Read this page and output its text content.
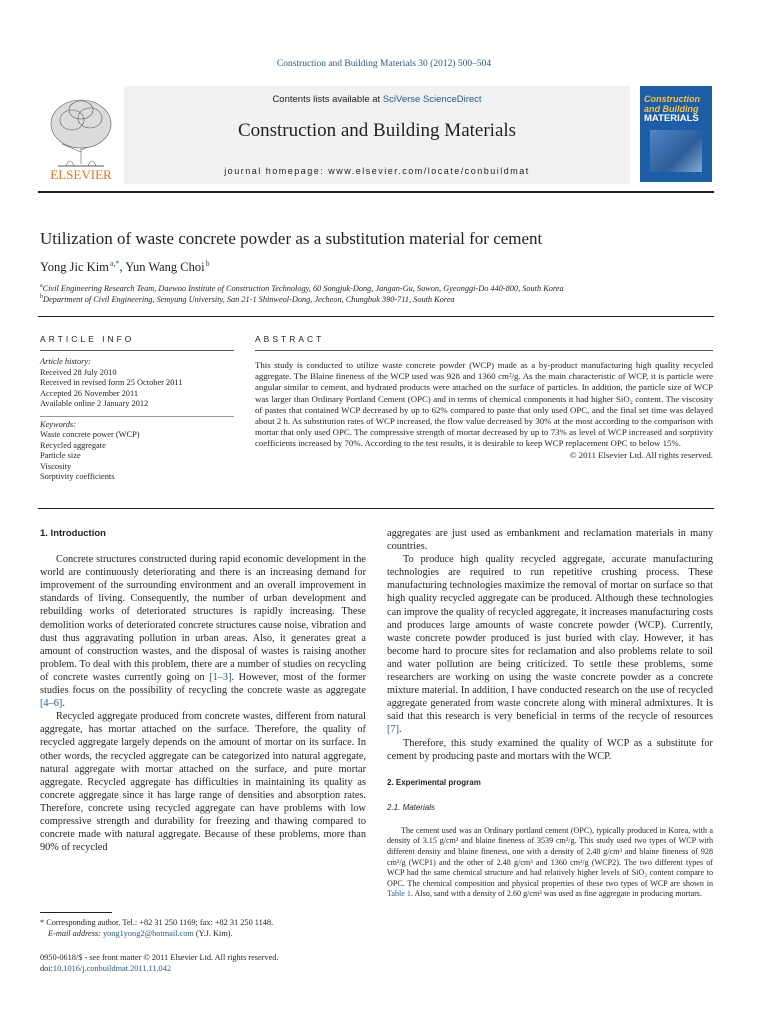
Construction and Building Materials 30 (2012) 500–504
ELSEVIER
Contents lists available at SciVerse ScienceDirect
Construction and Building Materials
journal homepage: www.elsevier.com/locate/conbuildmat
Construction
and Building
MATERIALS
Utilization of waste concrete powder as a substitution material for cement
Yong Jic Kim $^{a,*}$, Yun Wang Choi $^b$
$^a$Civil Engineering Research Team, Daewoo Institute of Construction Technology, 60 Songjuk-Dong, Jangan-Gu, Suwon, Gyeonggi-Do 440-800, South Korea
$^b$Department of Civil Engineering, Semyung University, San 21-1 Shinweol-Dong, Jecheon, Chungbuk 390-711, South Korea
ARTICLE INFO
Article history:
Received 28 July 2010
Received in revised form 25 October 2011
Accepted 26 November 2011
Available online 2 January 2012
Keywords:
Waste concrete power (WCP)
Recycled aggregate
Particle size
Viscosity
Sorptivity coefficients
ABSTRACT
This study is conducted to utilize waste concrete powder (WCP) made as a by-product manufacturing high quality recycled aggregate. The Blaine fineness of the WCP used was 928 and 1360 cm²/g. As the main characteristic of WCP, it is particle were angular similar to cement, and hydrated products were attached on the surface of particles. In addition, the particle size of WCP was larger than Ordinary Portland Cement (OPC) and in terms of chemical components it had higher SiO₂ content. The viscosity of pastes that contained WCP decreased by up to 62% compared to paste that only used OPC, and the final set time was delayed about 2 h. As substitution rates of WCP increased, the flow value decreased by 30% at the most according to the comparison with mortar that only used OPC. The compressive strength of mortar decreased by up to 73% as level of WCP increased and sorptivity coefficients increased by 70%. According to the test results, it is desirable to keep WCP replacement OPC to below 15%.
© 2011 Elsevier Ltd. All rights reserved.
1. Introduction

Concrete structures constructed during rapid economic development in the world are continuously deteriorating and there is an increasing demand for improvement of the surrounding environment and an overall improvement in standards of living. Consequently, the number of urban development and rebuilding works of deteriorated structures is rapidly increasing. These demolition works of deteriorated concrete structures cause noise, vibration and dust thus aggravating pollution in urban areas. Also, it generates great a amount of construction wastes, and the disposal of wastes is raising another problem. To deal with this problem, there are a number of studies on recycling of concrete wastes currently going on [1–3]. However, most of the former studies focus on the possibility of recycling the concrete waste as aggregate [4–6].

Recycled aggregate produced from concrete wastes, different from natural aggregate, has mortar attached on the surface. Therefore, the quality of recycled aggregate largely depends on the amount of mortar on its surface. In other words, the recycled aggregate can be categorized into natural aggregate, natural aggregate with mortar attached on the surface, and pure mortar aggregate. Recycled aggregate has difficulties in maintaining its quality as concrete aggregate since it has large range of densities and absorption rates. Therefore, concrete using recycled aggregate can have problems with low compressive strength and durability for freezing and thawing compared to concrete made with natural aggregate. Because of these problems, more than 90% of recycled

aggregates are just used as embankment and reclamation materials in many countries.

To produce high quality recycled aggregate, accurate manufacturing technologies are required to run repetitive crushing process. These manufacturing technologies maximize the removal of mortar on surface so that high quality recycled aggregate can be produced. Although these technologies can improve the quality of recycled aggregate, it increases manufacturing costs and produces large amounts of waste concrete powder (WCP). Currently, waste concrete powder produced is just buried with clay. However, it has become hard to procure sites for reclamation and also problems relate to soil and water pollution are being criticized. To settle these problems, some researchers are working on using the waste concrete powder as a concrete mixture material. In addition, I have conducted research on the use of recycled aggregate generated from waste concrete along with mineral admixtures. It is said that this research is very beneficial in terms of the recycle of resources [7].

Therefore, this study examined the quality of WCP as a substitute for cement by producing paste and mortars with the WCP.

2. Experimental program
2.1. Materials

The cement used was an Ordinary portland cement (OPC), typically produced in Korea, with a density of 3.15 g/cm³ and blaine fineness of 3539 cm²/g. This study used two types of WCP with different density and blaine fineness, one with a density of 2.48 g/cm³ and blaine fineness of 928 cm²/g (WCP1) and the other of 2.48 g/cm³ and 1360 cm²/g (WCP2). The two different types of WCP had the same chemical structure and had relatively higher levels of SiO₂ content compare to OPC. The chemical composition and physical properties of these two types of WCP are shown in Table 1. Also, sand with a density of 2.60 g/cm³ was used as fine aggregate in producing mortars.

* Corresponding author. Tel.: +82 31 250 1169; fax: +82 31 250 1148.
E-mail address: yong1yong2@hotmail.com (Y.J. Kim).
0950-0618/$ - see front matter © 2011 Elsevier Ltd. All rights reserved.
doi:10.1016/j.conbuildmat.2011.11.042
